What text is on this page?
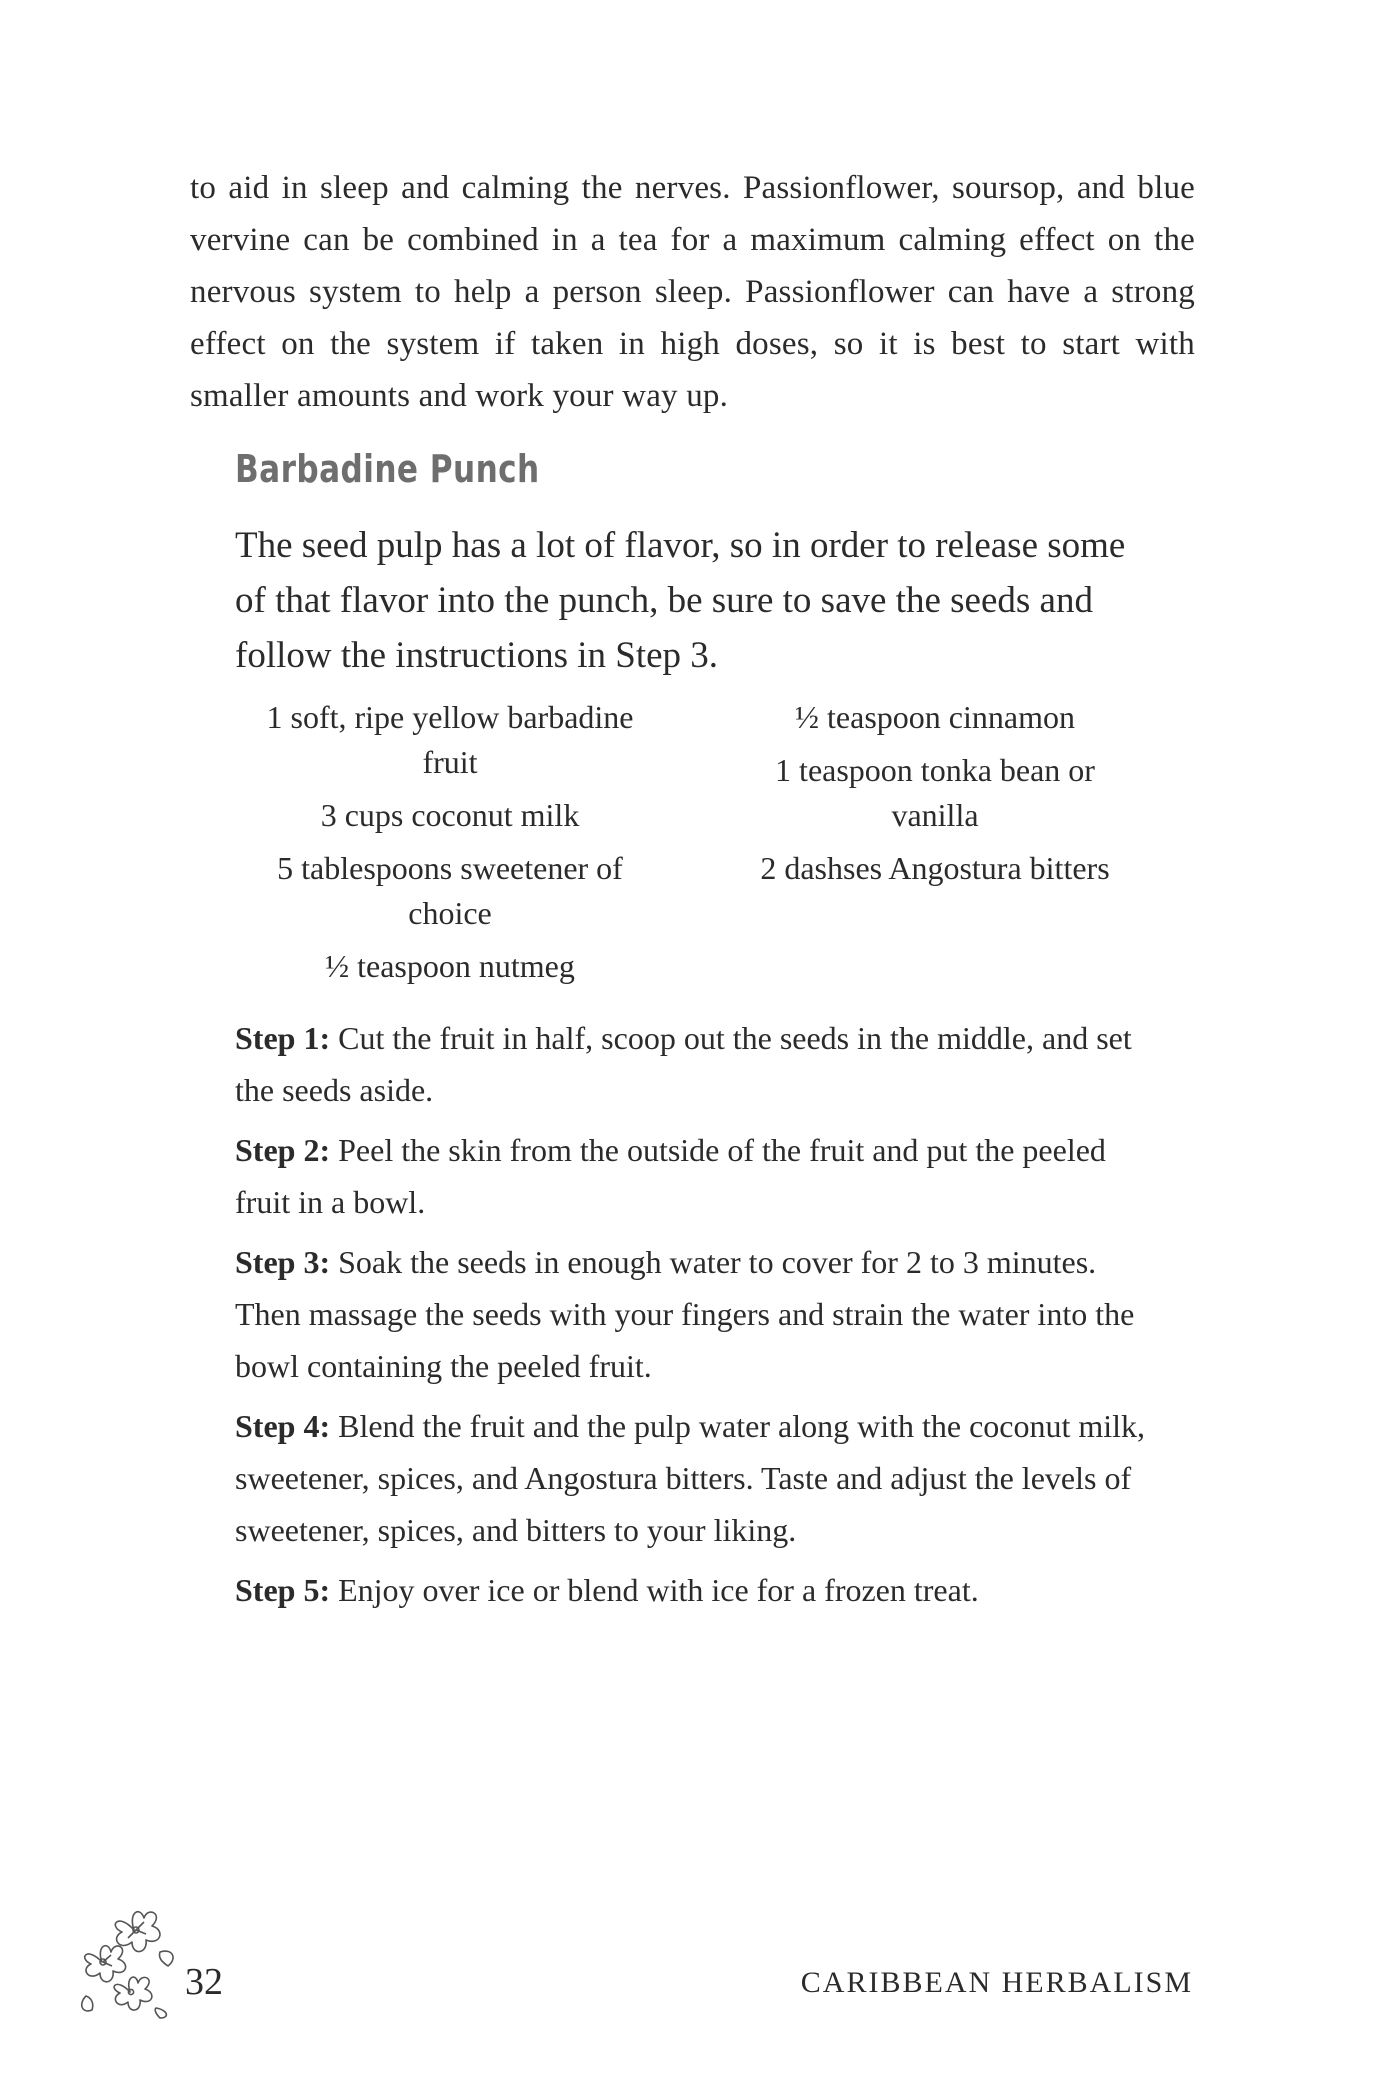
to aid in sleep and calming the nerves. Passionflower, soursop, and blue vervine can be combined in a tea for a maximum calming effect on the nervous system to help a person sleep. Passionflower can have a strong effect on the system if taken in high doses, so it is best to start with smaller amounts and work your way up.

Barbadine Punch

The seed pulp has a lot of flavor, so in order to release some of that flavor into the punch, be sure to save the seeds and follow the instructions in Step 3.

1 soft, ripe yellow barbadine fruit
3 cups coconut milk
5 tablespoons sweetener of choice
½ teaspoon nutmeg
½ teaspoon cinnamon
1 teaspoon tonka bean or vanilla
2 dashses Angostura bitters

Step 1: Cut the fruit in half, scoop out the seeds in the middle, and set the seeds aside.

Step 2: Peel the skin from the outside of the fruit and put the peeled fruit in a bowl.

Step 3: Soak the seeds in enough water to cover for 2 to 3 minutes. Then massage the seeds with your fingers and strain the water into the bowl containing the peeled fruit.

Step 4: Blend the fruit and the pulp water along with the coconut milk, sweetener, spices, and Angostura bitters. Taste and adjust the levels of sweetener, spices, and bitters to your liking.

Step 5: Enjoy over ice or blend with ice for a frozen treat.

32	CARIBBEAN HERBALISM
